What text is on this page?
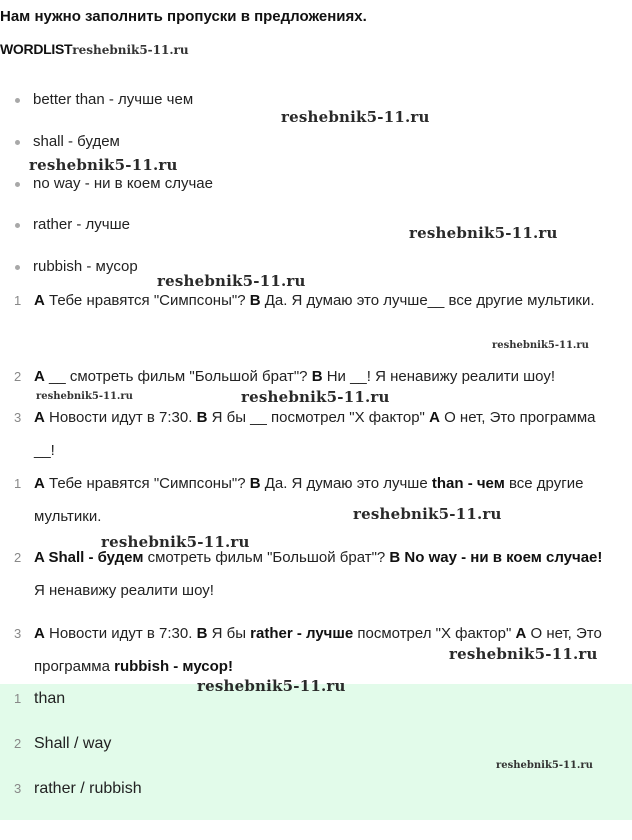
Нам нужно заполнить пропуски в предложениях.
WORDLISTreshebnik5-11.ru
better than - лучше чем
shall - будем
no way - ни в коем случае
rather - лучше
rubbish - мусор
1 A Тебе нравятся "Симпсоны"? B Да. Я думаю это лучше__ все другие мультики.
2 A __ смотреть фильм "Большой брат"? B Ни __! Я ненавижу реалити шоу!
3 A Новости идут в 7:30. B Я бы __ посмотрел "Х фактор" A О нет, Это программа __!
1 A Тебе нравятся "Симпсоны"? B Да. Я думаю это лучше than - чем все другие мультики.
2 A Shall - будем смотреть фильм "Большой брат"? B No way - ни в коем случае! Я ненавижу реалити шоу!
3 A Новости идут в 7:30. B Я бы rather - лучше посмотрел "Х фактор" A О нет, Это программа rubbish - мусор!
1 than
2 Shall / way
3 rather / rubbish
reshebnik5-11.ru
reshebnik5-11.ru
reshebnik5-11.ru
reshebnik5-11.ru
reshebnik5-11.ru
reshebnik5-11.ru	reshebnik5-11.ru
reshebnik5-11.ru
reshebnik5-11.ru
reshebnik5-11.ru
reshebnik5-11.ru
reshebnik5-11.ru
